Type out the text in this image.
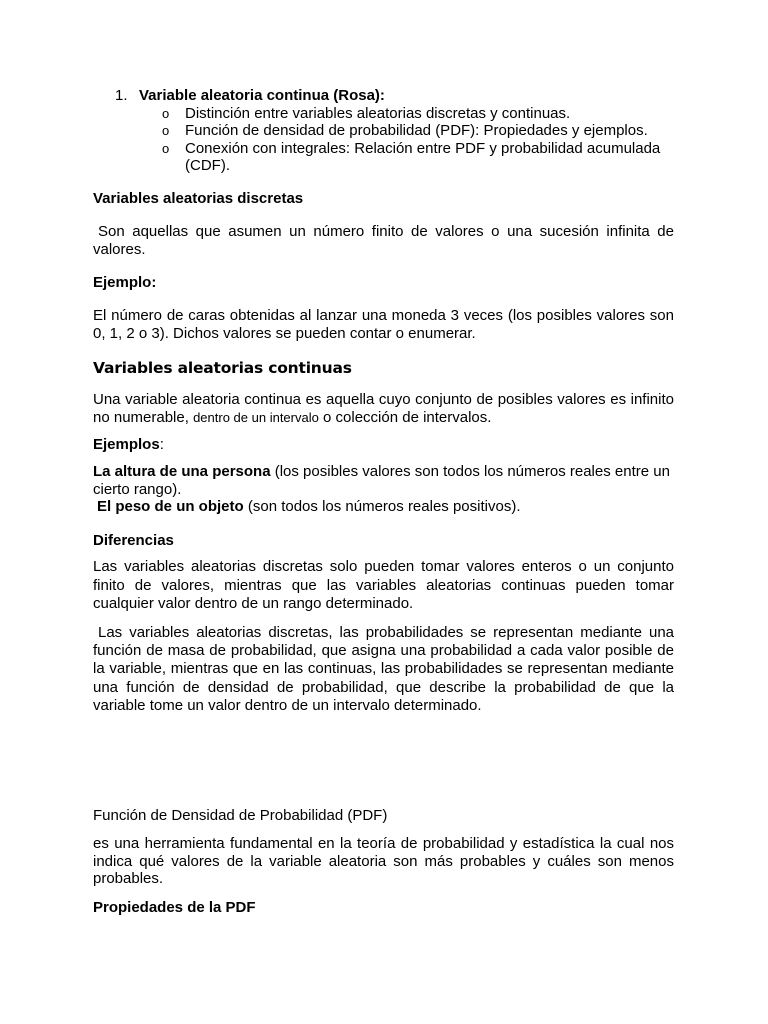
1. Variable aleatoria continua (Rosa):
o Distinción entre variables aleatorias discretas y continuas.
o Función de densidad de probabilidad (PDF): Propiedades y ejemplos.
o Conexión con integrales: Relación entre PDF y probabilidad acumulada (CDF).
Variables aleatorias discretas
Son aquellas que asumen un número finito de valores o una sucesión infinita de valores.
Ejemplo:
El número de caras obtenidas al lanzar una moneda 3 veces (los posibles valores son 0, 1, 2 o 3). Dichos valores se pueden contar o enumerar.
Variables aleatorias continuas
Una variable aleatoria continua es aquella cuyo conjunto de posibles valores es infinito no numerable, dentro de un intervalo o colección de intervalos.
Ejemplos:
La altura de una persona (los posibles valores son todos los números reales entre un cierto rango).
El peso de un objeto (son todos los números reales positivos).
Diferencias
Las variables aleatorias discretas solo pueden tomar valores enteros o un conjunto finito de valores, mientras que las variables aleatorias continuas pueden tomar cualquier valor dentro de un rango determinado.
Las variables aleatorias discretas, las probabilidades se representan mediante una función de masa de probabilidad, que asigna una probabilidad a cada valor posible de la variable, mientras que en las continuas, las probabilidades se representan mediante una función de densidad de probabilidad, que describe la probabilidad de que la variable tome un valor dentro de un intervalo determinado.
Función de Densidad de Probabilidad (PDF)
es una herramienta fundamental en la teoría de probabilidad y estadística la cual nos indica qué valores de la variable aleatoria son más probables y cuáles son menos probables.
Propiedades de la PDF
